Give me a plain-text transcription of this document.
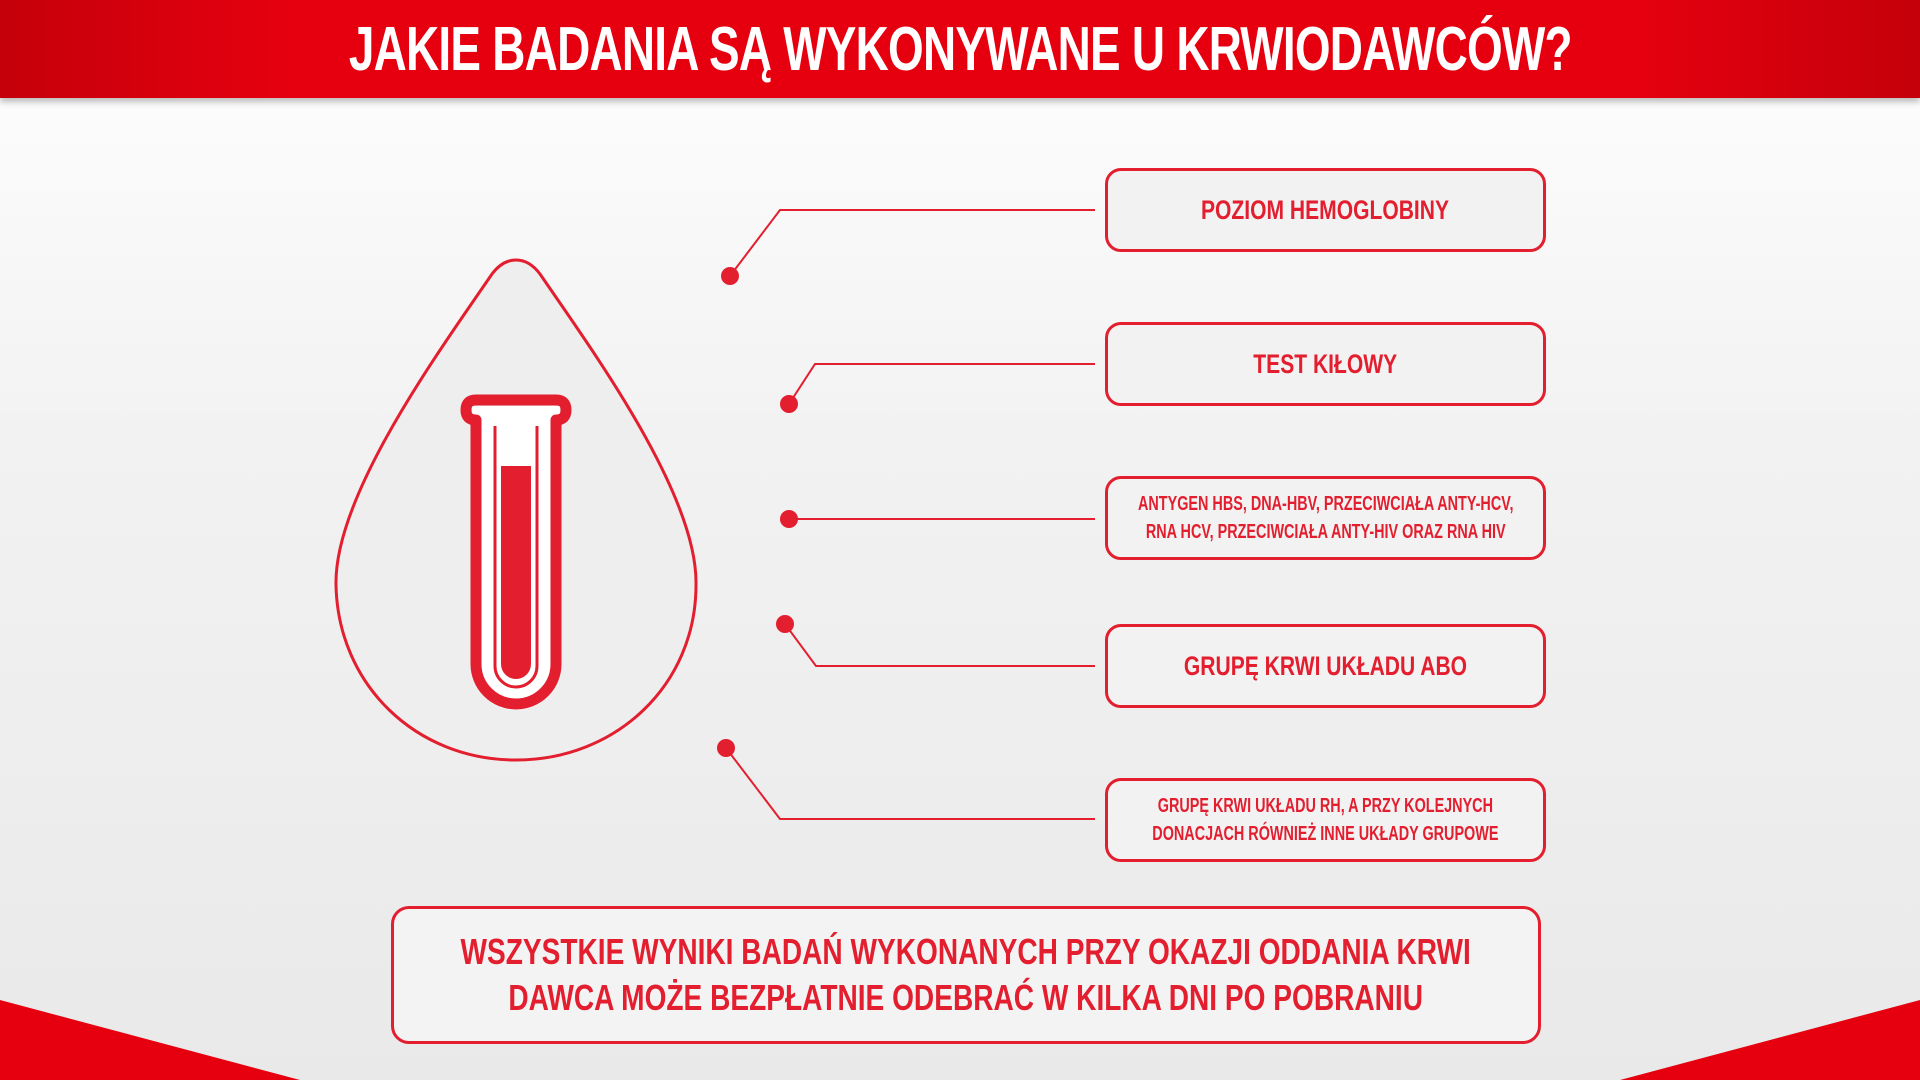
JAKIE BADANIA SĄ WYKONYWANE U KRWIODAWCÓW?
POZIOM HEMOGLOBINY
TEST KIŁOWY
ANTYGEN HBS, DNA-HBV, PRZECIWCIAŁA ANTY-HCV,
RNA HCV, PRZECIWCIAŁA ANTY-HIV ORAZ RNA HIV
GRUPĘ KRWI UKŁADU ABO
GRUPĘ KRWI UKŁADU RH, A PRZY KOLEJNYCH
DONACJACH RÓWNIEŻ INNE UKŁADY GRUPOWE
WSZYSTKIE WYNIKI BADAŃ WYKONANYCH PRZY OKAZJI ODDANIA KRWI
DAWCA MOŻE BEZPŁATNIE ODEBRAĆ W KILKA DNI PO POBRANIU
